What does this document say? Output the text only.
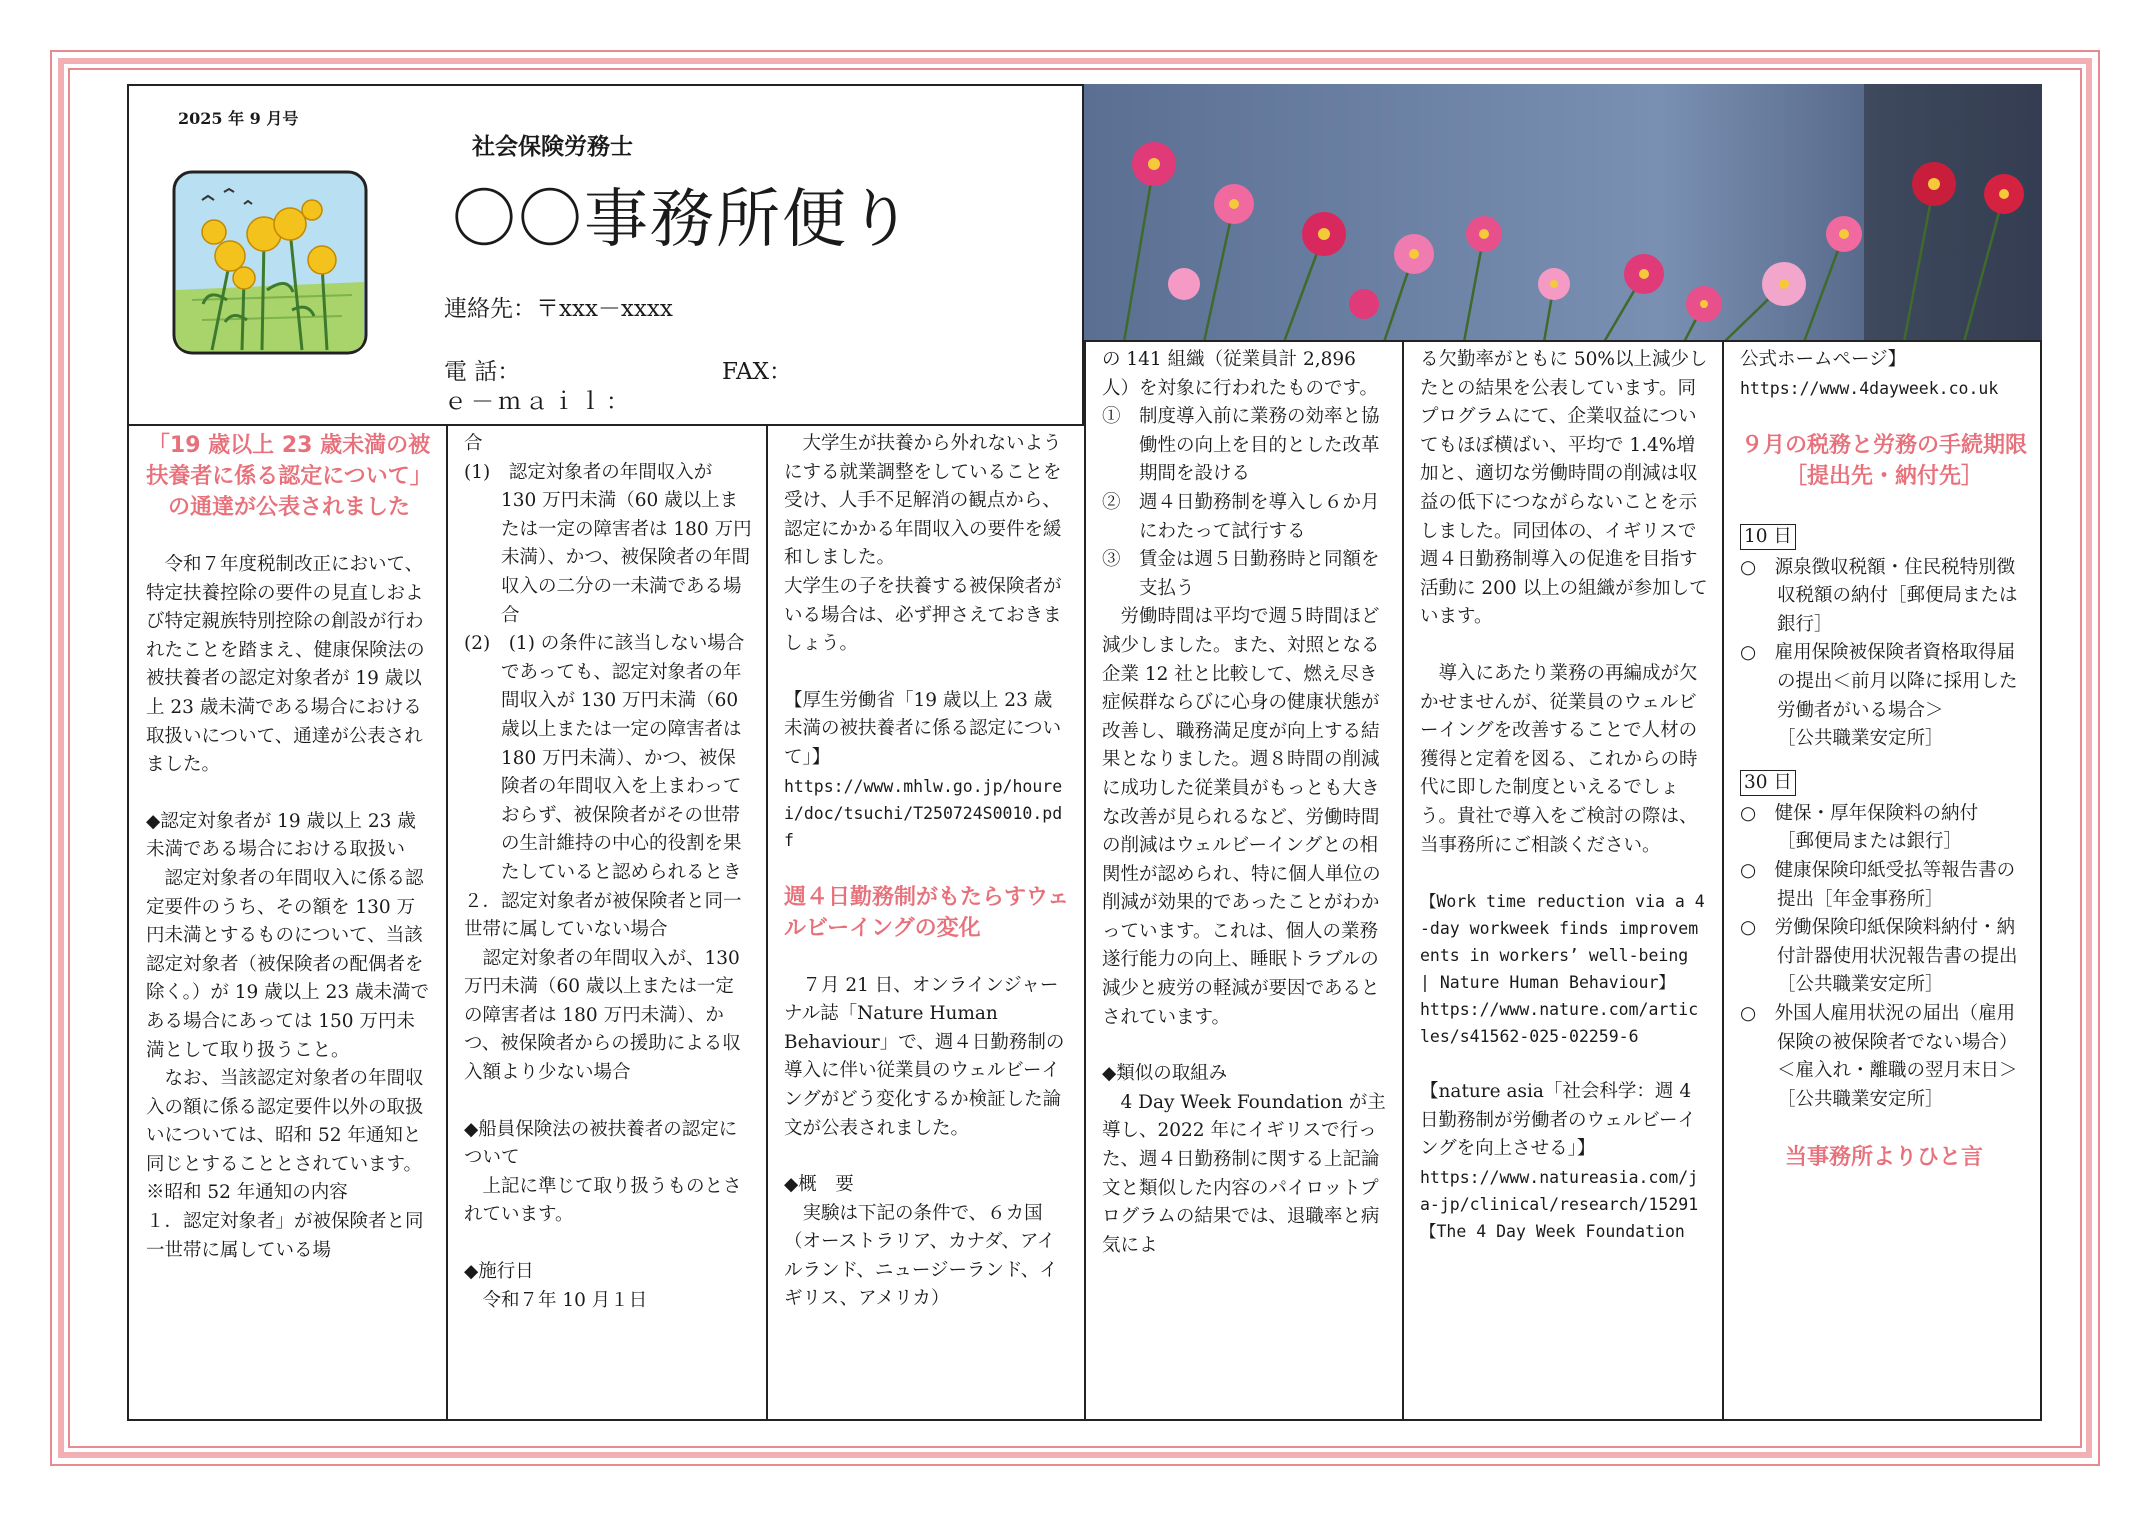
2025 年 9 月号
社会保険労務士
〇〇事務所便り
連絡先：〒xxx－xxxx
電 話：	FAX：
ｅ－ｍａｉｌ：

「19 歳以上 23 歳未満の被扶養者に係る認定について」の通達が公表されました

令和７年度税制改正において、特定扶養控除の要件の見直しおよび特定親族特別控除の創設が行われたことを踏まえ、健康保険法の被扶養者の認定対象者が 19 歳以上 23 歳未満である場合における取扱いについて、通達が公表されました。

◆認定対象者が 19 歳以上 23 歳未満である場合における取扱い

認定対象者の年間収入に係る認定要件のうち、その額を 130 万円未満とするものについて、当該認定対象者（被保険者の配偶者を除く。）が 19 歳以上 23 歳未満である場合にあっては 150 万円未満として取り扱うこと。

なお、当該認定対象者の年間収入の額に係る認定要件以外の取扱いについては、昭和 52 年通知と同じとすることとされています。

※昭和 52 年通知の内容

１．認定対象者」が被保険者と同一世帯に属している場

合

(1)　認定対象者の年間収入が 130 万円未満（60 歳以上または一定の障害者は 180 万円未満）、かつ、被保険者の年間収入の二分の一未満である場合

(2)　(1) の条件に該当しない場合であっても、認定対象者の年間収入が 130 万円未満（60 歳以上または一定の障害者は 180 万円未満）、かつ、被保険者の年間収入を上まわっておらず、被保険者がその世帯の生計維持の中心的役割を果たしていると認められるとき

２．認定対象者が被保険者と同一世帯に属していない場合

認定対象者の年間収入が、130 万円未満（60 歳以上または一定の障害者は 180 万円未満）、かつ、被保険者からの援助による収入額より少ない場合

◆船員保険法の被扶養者の認定について

上記に準じて取り扱うものとされています。

◆施行日

令和７年 10 月１日

大学生が扶養から外れないようにする就業調整をしていることを受け、人手不足解消の観点から、認定にかかる年間収入の要件を緩和しました。

大学生の子を扶養する被保険者がいる場合は、必ず押さえておきましょう。

【厚生労働省「19 歳以上 23 歳未満の被扶養者に係る認定について」】

https://www.mhlw.go.jp/hourei/doc/tsuchi/T250724S0010.pdf

週４日勤務制がもたらすウェルビーイングの変化

７月 21 日、オンラインジャーナル誌「Nature Human Behaviour」で、週４日勤務制の導入に伴い従業員のウェルビーイングがどう変化するか検証した論文が公表されました。

◆概　要

実験は下記の条件で、６カ国（オーストラリア、カナダ、アイルランド、ニュージーランド、イギリス、アメリカ）

の 141 組織（従業員計 2,896 人）を対象に行われたものです。

①　制度導入前に業務の効率と協働性の向上を目的とした改革期間を設ける

②　週４日勤務制を導入し６か月にわたって試行する

③　賃金は週５日勤務時と同額を支払う

労働時間は平均で週５時間ほど減少しました。また、対照となる企業 12 社と比較して、燃え尽き症候群ならびに心身の健康状態が改善し、職務満足度が向上する結果となりました。週８時間の削減に成功した従業員がもっとも大きな改善が見られるなど、労働時間の削減はウェルビーイングとの相関性が認められ、特に個人単位の削減が効果的であったことがわかっています。これは、個人の業務遂行能力の向上、睡眠トラブルの減少と疲労の軽減が要因であるとされています。

◆類似の取組み

4 Day Week Foundation が主導し、2022 年にイギリスで行った、週４日勤務制に関する上記論文と類似した内容のパイロットプログラムの結果では、退職率と病気によ

る欠勤率がともに 50%以上減少したとの結果を公表しています。同プログラムにて、企業収益についてもほぼ横ばい、平均で 1.4%増加と、適切な労働時間の削減は収益の低下につながらないことを示しました。同団体の、イギリスで週４日勤務制導入の促進を目指す活動に 200 以上の組織が参加しています。

導入にあたり業務の再編成が欠かせませんが、従業員のウェルビーイングを改善することで人材の獲得と定着を図る、これからの時代に即した制度といえるでしょう。貴社で導入をご検討の際は、当事務所にご相談ください。

【Work time reduction via a 4-day workweek finds improvements in workers’ well-being | Nature Human Behaviour】

https://www.nature.com/articles/s41562-025-02259-6

【nature asia「社会科学：週 4 日勤務制が労働者のウェルビーイングを向上させる」】

https://www.natureasia.com/ja-jp/clinical/research/15291

【The 4 Day Week Foundation

公式ホームページ】

https://www.4dayweek.co.uk

９月の税務と労務の手続期限［提出先・納付先］

10 日

○　源泉徴収税額・住民税特別徴収税額の納付［郵便局または銀行］

○　雇用保険被保険者資格取得届の提出＜前月以降に採用した労働者がいる場合＞

［公共職業安定所］

30 日

○　健保・厚年保険料の納付

［郵便局または銀行］

○　健康保険印紙受払等報告書の提出［年金事務所］

○　労働保険印紙保険料納付・納付計器使用状況報告書の提出［公共職業安定所］

○　外国人雇用状況の届出（雇用保険の被保険者でない場合）＜雇入れ・離職の翌月末日＞

［公共職業安定所］

当事務所よりひと言
